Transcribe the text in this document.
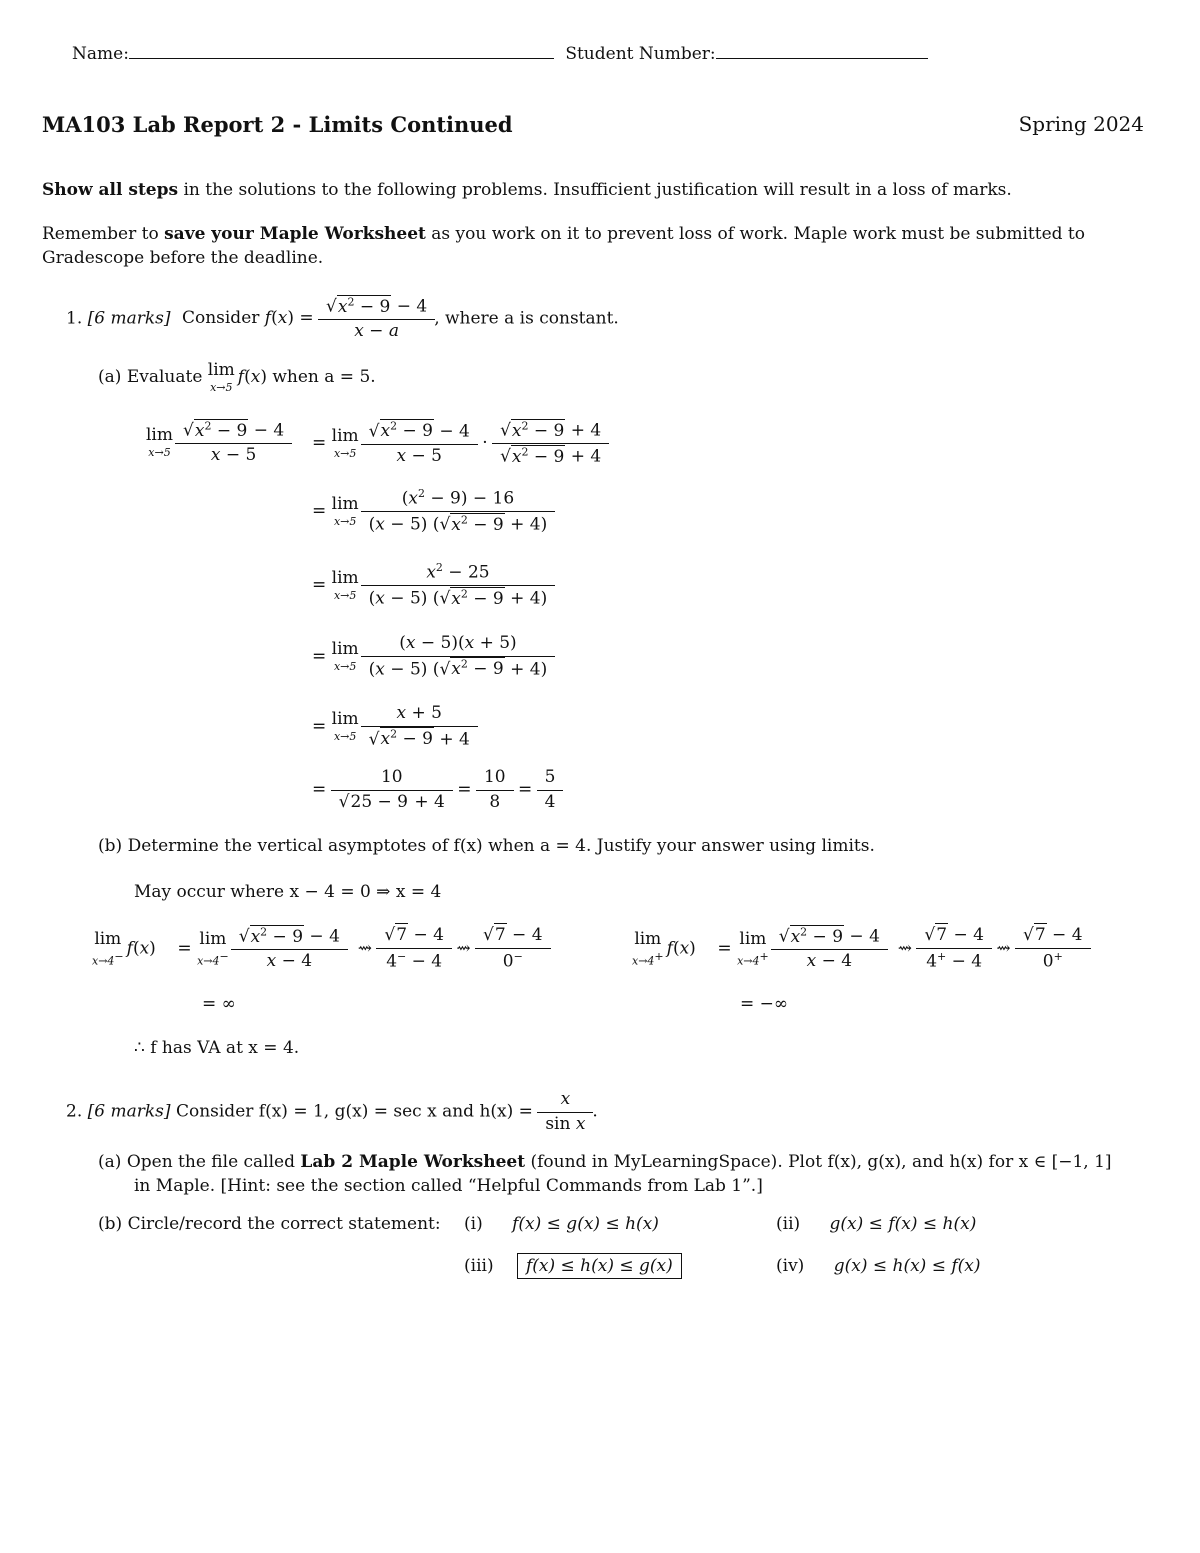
Name:	Student Number:
MA103 Lab Report 2 - Limits Continued	Spring 2024
Show all steps in the solutions to the following problems. Insufficient justification will result in a loss of marks.
Remember to save your Maple Worksheet as you work on it to prevent loss of work. Maple work must be submitted to
Gradescope before the deadline.
1. [6 marks] Consider $f(x) = \frac{√x^2 - 9 - 4}{x - a}$ , where a is constant.
(a) Evaluate lim
x→5
f(x) when a = 5.
lim
$x\to 5 \frac{√x^2 - 9 - 4}{x - 5} = \lim$
$x\to 5 \frac{√x^2 - 9 - 4}{x - 5} \cdot \frac{√x^2 - 9 + 4}{√x^2 - 9 + 4}$
= lim
$x\to 5 \frac{(x^2 - 9) - 16}{(x - 5) (√x^2 - 9 + 4)}$
= lim
$x\to 5 \frac{x^2 - 25}{(x - 5) (√x^2 - 9 + 4)}$
= lim
$x\to 5 \frac{(x - 5)(x + 5)}{(x - 5) (√x^2 - 9 + 4)}$
= lim
$x\to 5 \frac{x + 5}{√x^2 - 9 + 4}$
= $\frac{10}{√25 - 9 + 4} = \frac{10}{8} = \frac{5}{4}$
(b) Determine the vertical asymptotes of f(x) when a = 4. Justify your answer using limits.
May occur where x − 4 = 0 ⇒ x = 4
lim
x→4− f(x)    = lim
$x\to 4^- \frac{√x^2 - 9 - 4}{x - 4}$ ⇝ $\frac{√7 - 4}{4^- - 4}$ ⇝ $\frac{√7 - 4}{0^-}$	lim
x→4+ f(x)    = lim
$x\to 4^+ \frac{√x^2 - 9 - 4}{x - 4}$ ⇝ $\frac{√7 - 4}{4^+ - 4}$ ⇝ $\frac{√7 - 4}{0^+}$
= ∞	= −∞
∴ f has VA at x = 4.
2. [6 marks] Consider f(x) = 1, g(x) = sec x and $h(x) = \frac{x}{\text{sin x}}$ .
(a) Open the file called Lab 2 Maple Worksheet (found in MyLearningSpace). Plot f(x), g(x), and h(x) for x ∈ [−1, 1]
in Maple. [Hint: see the section called “Helpful Commands from Lab 1”.]
(b) Circle/record the correct statement: (i) f(x) ≤ g(x) ≤ h(x)	(ii) g(x) ≤ f(x) ≤ h(x)
(iii) f(x) ≤ h(x) ≤ g(x)	(iv) g(x) ≤ h(x) ≤ f(x)
